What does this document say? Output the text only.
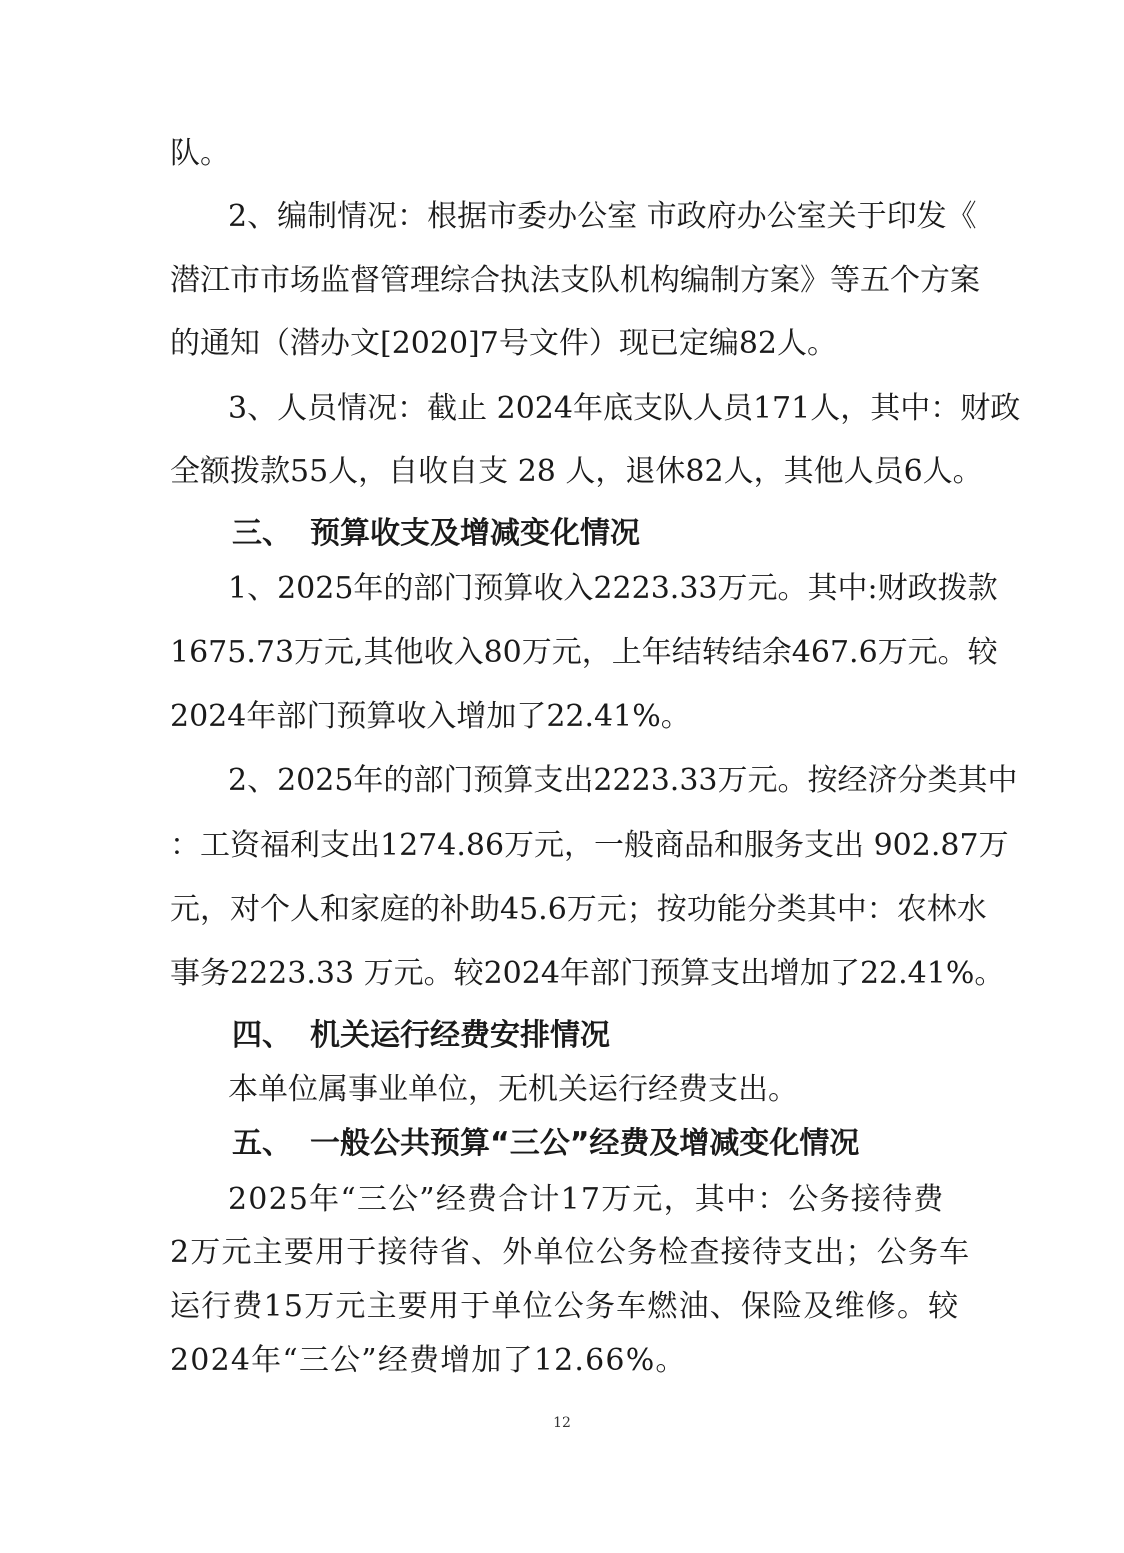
队。
2、编制情况：根据市委办公室 市政府办公室关于印发《
潜江市市场监督管理综合执法支队机构编制方案》等五个方案
的通知（潜办文[2020]7号文件）现已定编82人。
3、人员情况：截止 2024年底支队人员171人，其中：财政
全额拨款55人，自收自支 28 人，退休82人，其他人员6人。
三、 预算收支及增减变化情况
1、2025年的部门预算收入2223.33万元。其中:财政拨款
1675.73万元,其他收入80万元，上年结转结余467.6万元。较
2024年部门预算收入增加了22.41%。
2、2025年的部门预算支出2223.33万元。按经济分类其中
：工资福利支出1274.86万元，一般商品和服务支出 902.87万
元，对个人和家庭的补助45.6万元；按功能分类其中：农林水
事务2223.33 万元。较2024年部门预算支出增加了22.41%。
四、 机关运行经费安排情况
本单位属事业单位，无机关运行经费支出。
五、 一般公共预算“三公”经费及增减变化情况
2025年“三公”经费合计17万元，其中：公务接待费
2万元主要用于接待省、外单位公务检查接待支出；公务车
运行费15万元主要用于单位公务车燃油、保险及维修。较
2024年“三公”经费增加了12.66%。
12
